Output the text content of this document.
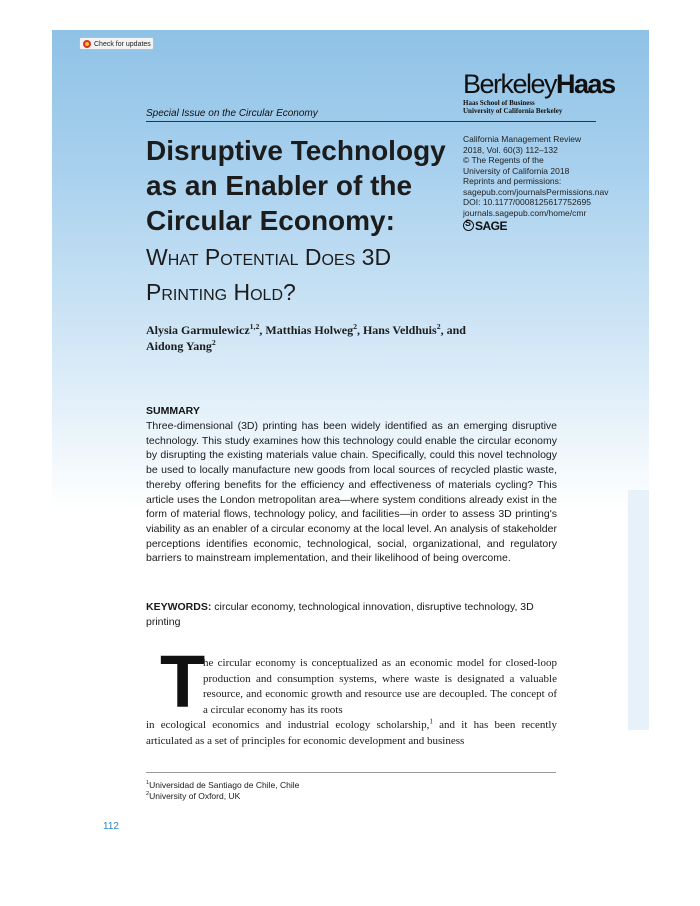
Check for updates
BerkeleyHaas
Haas School of Business
University of California Berkeley
Special Issue on the Circular Economy
California Management Review
2018, Vol. 60(3) 112–132
© The Regents of the
University of California 2018
Reprints and permissions:
sagepub.com/journalsPermissions.nav
DOI: 10.1177/0008125617752695
journals.sagepub.com/home/cmr
SSAGE
Disruptive Technology as an Enabler of the Circular Economy:
What Potential Does 3D Printing Hold?
Alysia Garmulewicz$^{1,2}$, Matthias Holweg$^2$, Hans Veldhuis$^2$, and Aidong Yang$^2$
SUMMARY
Three-dimensional (3D) printing has been widely identified as an emerging disruptive technology. This study examines how this technology could enable the circular economy by disrupting the existing materials value chain. Specifically, could this novel technology be used to locally manufacture new goods from local sources of recycled plastic waste, thereby offering benefits for the efficiency and effectiveness of materials cycling? This article uses the London metropolitan area—where system conditions already exist in the form of material flows, technology policy, and facilities—in order to assess 3D printing's viability as an enabler of a circular economy at the local level. An analysis of stakeholder perceptions identifies economic, technological, social, organizational, and regulatory barriers to mainstream implementation, and their likelihood of being overcome.
KEYWORDS: circular economy, technological innovation, disruptive technology, 3D printing
T
he circular economy is conceptualized as an economic model for closed-loop production and consumption systems, where waste is designated a valuable resource, and economic growth and resource use are decoupled. The concept of a circular economy has its roots
in ecological economics and industrial ecology scholarship,$^1$ and it has been recently articulated as a set of principles for economic development and business
$^1$Universidad de Santiago de Chile, Chile
$^2$University of Oxford, UK
112
